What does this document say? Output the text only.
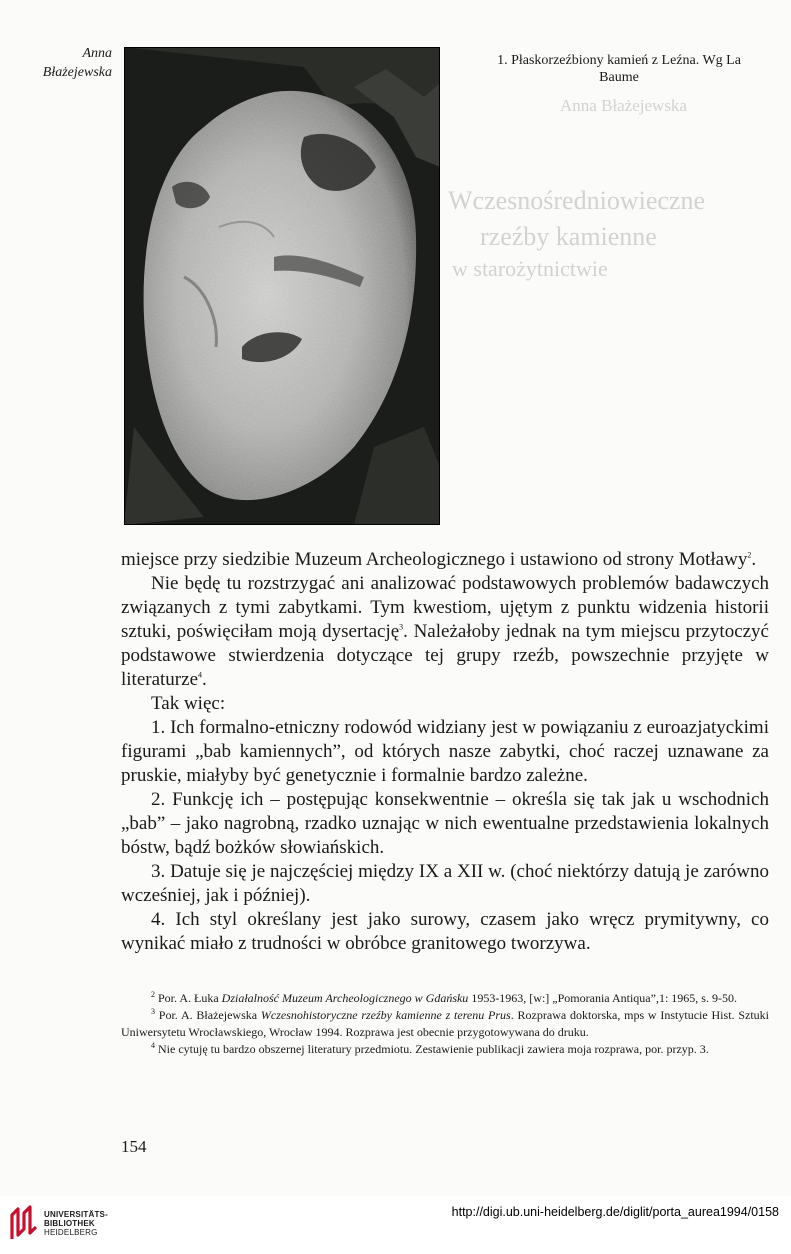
Anna Błażejewska
Wczesnośredniowieczne
rzeźby kamienne
w starożytnictwie
Anna
Błażejewska
1. Płaskorzeźbiony kamień z Leźna. Wg La
Baume

miejsce przy siedzibie Muzeum Archeologicznego i ustawiono od strony Motławy$^2$.

Nie będę tu rozstrzygać ani analizować podstawowych problemów badawczych związanych z tymi zabytkami. Tym kwestiom, ujętym z punktu widzenia historii sztuki, poświęciłam moją dysertację$^3$. Należałoby jednak na tym miejscu przytoczyć podstawowe stwierdzenia dotyczące tej grupy rzeźb, powszechnie przyjęte w literaturze$^4$.

Tak więc:

1. Ich formalno-etniczny rodowód widziany jest w powiązaniu z euroazjatyckimi figurami „bab kamiennych”, od których nasze zabytki, choć raczej uznawane za pruskie, miałyby być genetycznie i formalnie bardzo zależne.

2. Funkcję ich – postępując konsekwentnie – określa się tak jak u wschodnich „bab” – jako nagrobną, rzadko uznając w nich ewentualne przedstawienia lokalnych bóstw, bądź bożków słowiańskich.

3. Datuje się je najczęściej między IX a XII w. (choć niektórzy datują je zarówno wcześniej, jak i później).

4. Ich styl określany jest jako surowy, czasem jako wręcz prymitywny, co wynikać miało z trudności w obróbce granitowego tworzywa.

$^2$ Por. A. Łuka Działalność Muzeum Archeologicznego w Gdańsku 1953-1963, [w:] „Pomorania Antiqua”,1: 1965, s. 9-50.

$^3$ Por. A. Błażejewska Wczesnohistoryczne rzeźby kamienne z terenu Prus. Rozprawa doktorska, mps w Instytucie Hist. Sztuki Uniwersytetu Wrocławskiego, Wrocław 1994. Rozprawa jest obecnie przygotowywana do druku.

$^4$ Nie cytuję tu bardzo obszernej literatury przedmiotu. Zestawienie publikacji zawiera moja rozprawa, por. przyp. 3.

154
UNIVERSITÄTS-
BIBLIOTHEK
HEIDELBERG
http://digi.ub.uni-heidelberg.de/diglit/porta_aurea1994/0158
